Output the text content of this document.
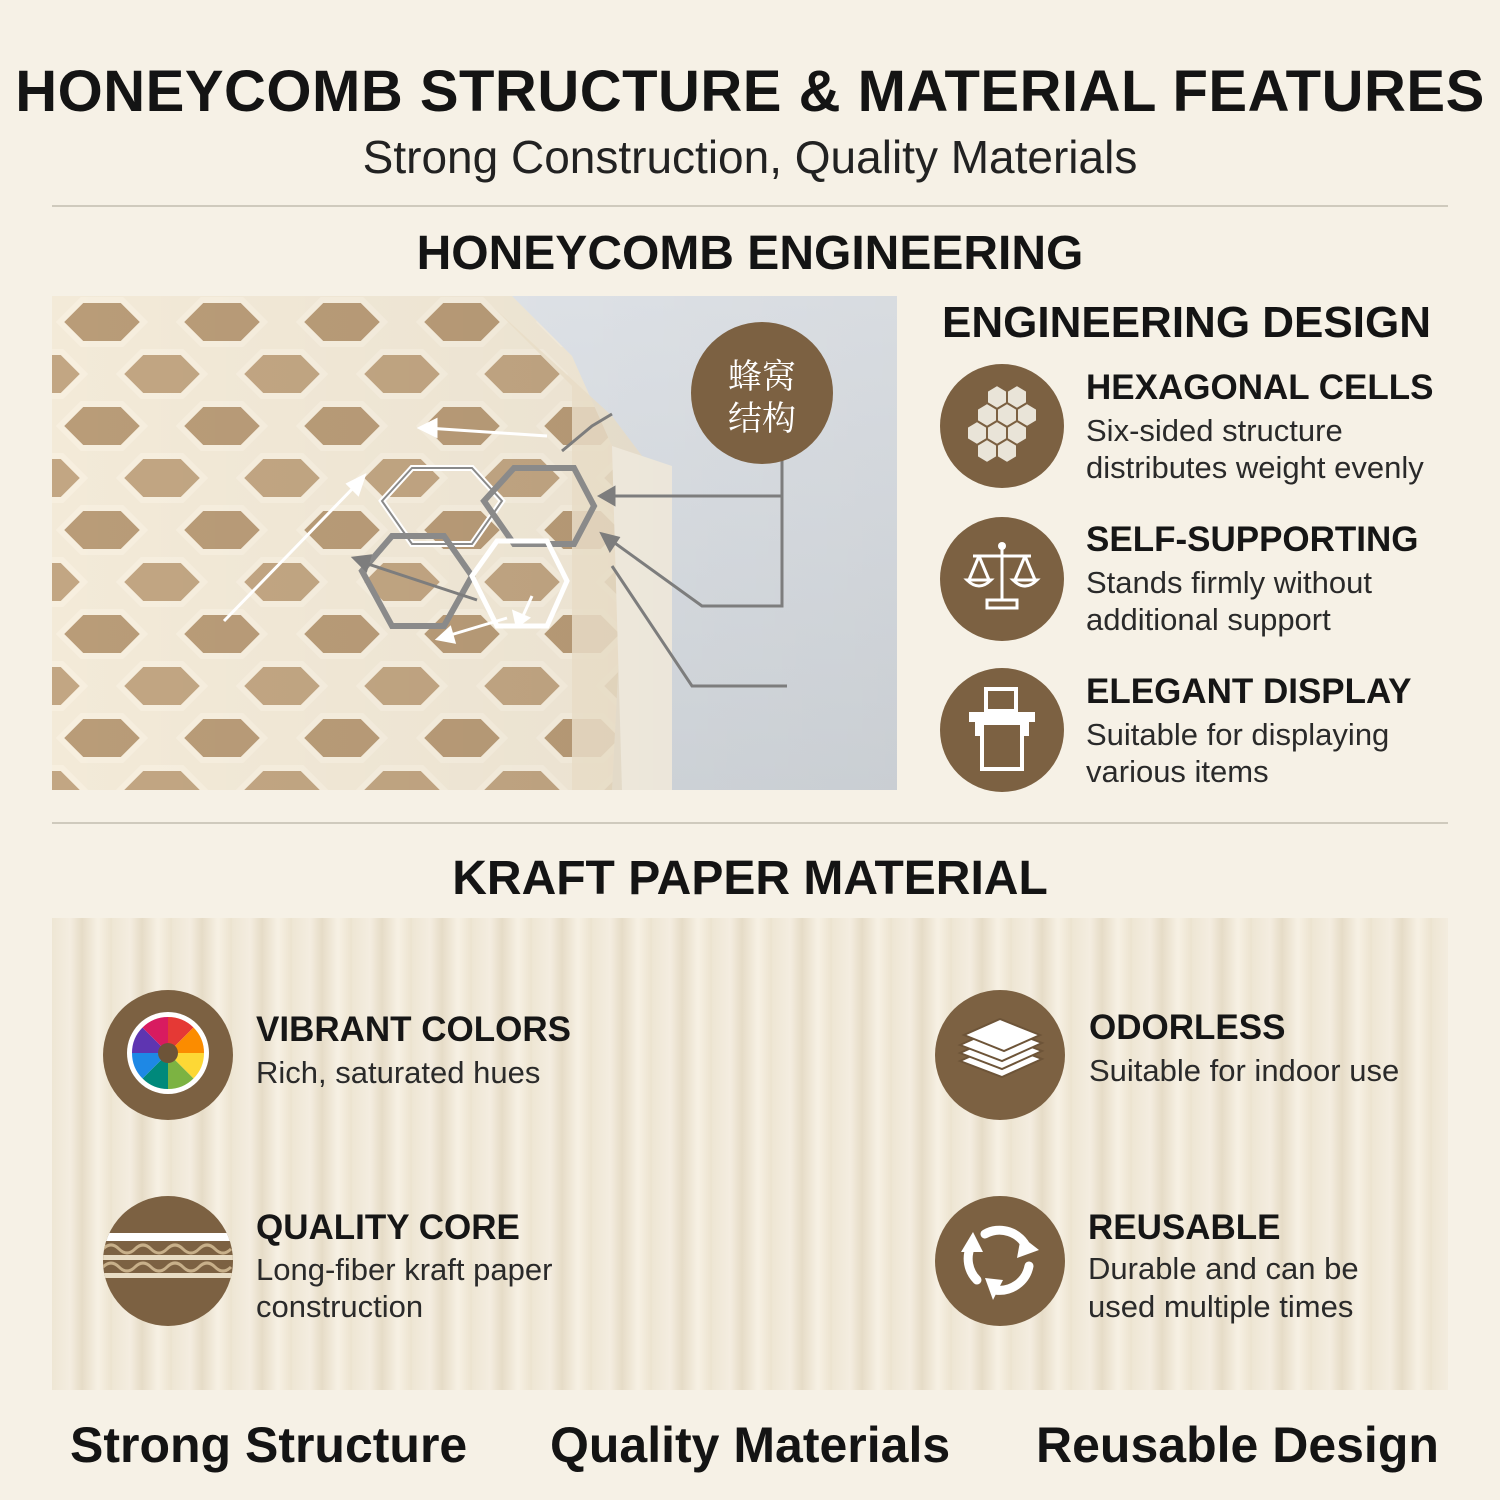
HONEYCOMB STRUCTURE & MATERIAL FEATURES
Strong Construction, Quality Materials
HONEYCOMB ENGINEERING
蜂窝
结构
ENGINEERING DESIGN
HEXAGONAL CELLS
Six-sided structure
distributes weight evenly
SELF-SUPPORTING
Stands firmly without
additional support
ELEGANT DISPLAY
Suitable for displaying
various items
KRAFT PAPER MATERIAL
VIBRANT COLORS
Rich, saturated hues
ODORLESS
Suitable for indoor use
QUALITY CORE
Long-fiber kraft paper
construction
REUSABLE
Durable and can be
used multiple times
Strong Structure Quality Materials Reusable Design
